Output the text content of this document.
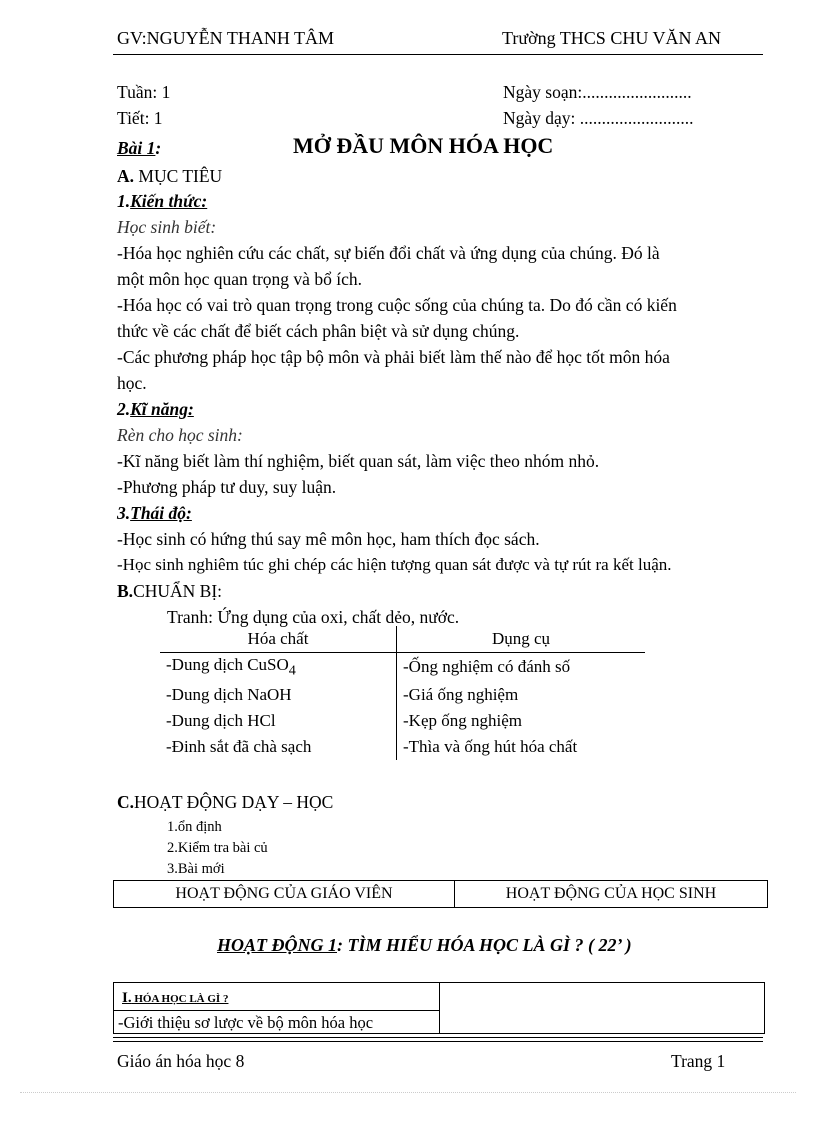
GV:NGUYỄN THANH TÂM	Trường THCS CHU VĂN AN
Tuần: 1
Tiết: 1
Ngày soạn:.........................
Ngày dạy: ..........................
Bài 1:	MỞ ĐẦU MÔN HÓA HỌC
A. MỤC TIÊU
1.Kiến thức:
Học sinh biết:
-Hóa học nghiên cứu các chất, sự biến đổi chất và ứng dụng của chúng. Đó là
một môn học quan trọng và bổ ích.
-Hóa học có vai trò quan trọng trong cuộc sống của chúng ta. Do đó cần có kiến
thức về các chất để biết cách phân biệt và sử dụng chúng.
-Các phương pháp học tập bộ môn và phải biết làm thế nào để học tốt môn hóa
học.
2.Kĩ năng:
Rèn cho học sinh:
-Kĩ năng biết làm thí nghiệm, biết quan sát, làm việc theo nhóm nhỏ.
-Phương pháp tư duy, suy luận.
3.Thái độ:
-Học sinh có hứng thú say mê môn học, ham thích đọc sách.
-Học sinh nghiêm túc ghi chép các hiện tượng quan sát được và tự rút ra kết luận.
B.CHUẨN BỊ:
Tranh: Ứng dụng của oxi, chất dẻo, nước.
Hóa chất	Dụng cụ
-Dung dịch CuSO$_4$	-Ống nghiệm có đánh số
-Dung dịch NaOH	-Giá ống nghiệm
-Dung dịch HCl	-Kẹp ống nghiệm
-Đinh sắt đã chà sạch	-Thìa và ống hút hóa chất
C.HOẠT ĐỘNG DẠY – HỌC
1.ổn định
2.Kiểm tra bài củ
3.Bài mới
HOẠT ĐỘNG CỦA GIÁO VIÊN	HOẠT ĐỘNG CỦA HỌC SINH
HOẠT ĐỘNG 1: TÌM HIỂU HÓA HỌC LÀ GÌ ? ( 22’ )
I. HÓA HỌC LÀ GÌ ?
-Giới thiệu sơ lược về bộ môn hóa học
Giáo án hóa học 8	Trang 1
